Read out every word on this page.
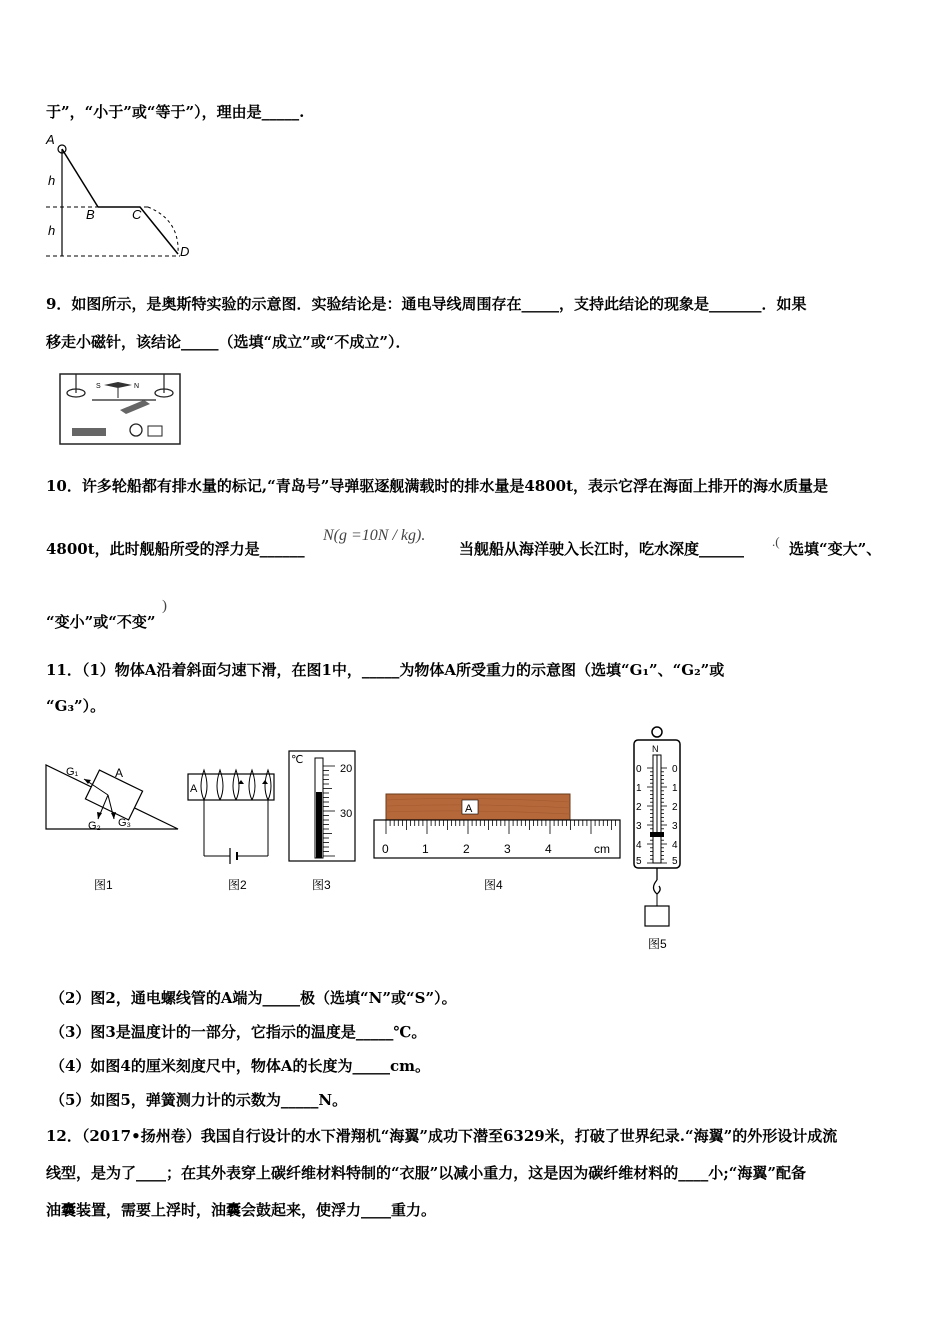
于”，“小于”或“等于”），理由是_____.
A
h
h
B	C
D
9．如图所示，是奥斯特实验的示意图．实验结论是：通电导线周围存在_____，支持此结论的现象是_______．如果
移走小磁针，该结论_____（选填“成立”或“不成立”）．
S	N
10．许多轮船都有排水量的标记,“青岛号”导弹驱逐舰满载时的排水量是4800t，表示它浮在海面上排开的海水质量是
4800t，此时舰船所受的浮力是______
N(g =10N / kg).
当舰船从海洋驶入长江时，吃水深度______ .( 选填“变大”、
“变小”或“不变”
)
11．（1）物体A沿着斜面匀速下滑，在图1中，_____为物体A所受重力的示意图（选填“G₁”、“G₂”或
“G₃”）。
A
G₁
G₂ G₃
图1
A
图2
℃
20
30
图3
A
0	1	2	3	4	cm
图4
N
0
1
2
3
4
5
0
1
2
3
4
5
图5
（2）图2，通电螺线管的A端为_____极（选填“N”或“S”）。
（3）图3是温度计的一部分，它指示的温度是_____℃。
（4）如图4的厘米刻度尺中，物体A的长度为_____cm。
（5）如图5，弹簧测力计的示数为_____N。
12．（2017•扬州卷）我国自行设计的水下滑翔机“海翼”成功下潜至6329米，打破了世界纪录.“海翼”的外形设计成流
线型，是为了____；在其外表穿上碳纤维材料特制的“衣服”以减小重力，这是因为碳纤维材料的____小;“海翼”配备
油囊装置，需要上浮时，油囊会鼓起来，使浮力____重力。
